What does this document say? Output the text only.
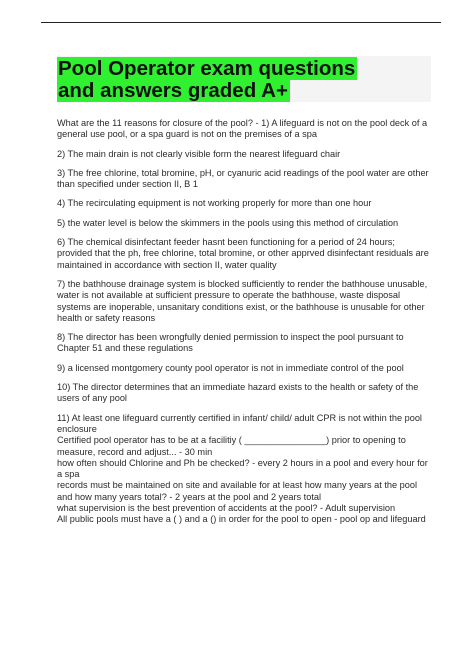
Pool Operator exam questions and answers graded A+

What are the 11 reasons for closure of the pool? - 1) A lifeguard is not on the pool deck of a general use pool, or a spa guard is not on the premises of a spa

2) The main drain is not clearly visible form the nearest lifeguard chair

3) The free chlorine, total bromine, pH, or cyanuric acid readings of the pool water are other than specified under section II, B 1

4) The recirculating equipment is not working properly for more than one hour

5) the water level is below the skimmers in the pools using this method of circulation

6) The chemical disinfectant feeder hasnt been functioning for a period of 24 hours; provided that the ph, free chlorine, total bromine, or other apprved disinfectant residuals are maintained in accordance with section II, water quality

7) the bathhouse drainage system is blocked sufficiently to render the bathhouse unusable, water is not available at sufficient pressure to operate the bathhouse, waste disposal systems are inoperable, unsanitary conditions exist, or the bathhouse is unusable for other health or safety reasons

8) The director has been wrongfully denied permission to inspect the pool pursuant to Chapter 51 and these regulations

9) a licensed montgomery county pool operator is not in immediate control of the pool

10) The director determines that an immediate hazard exists to the health or safety of the users of any pool

11) At least one lifeguard currently certified in infant/ child/ adult CPR is not within the pool enclosure

Certified pool operator has to be at a facilitiy ( ________________) prior to opening to measure, record and adjust... - 30 min

how often should Chlorine and Ph be checked? - every 2 hours in a pool and every hour for a spa

records must be maintained on site and available for at least how many years at the pool and how many years total? - 2 years at the pool and 2 years total

what supervision is the best prevention of accidents at the pool? - Adult supervision

All public pools must have a ( ) and a () in order for the pool to open - pool op and lifeguard
